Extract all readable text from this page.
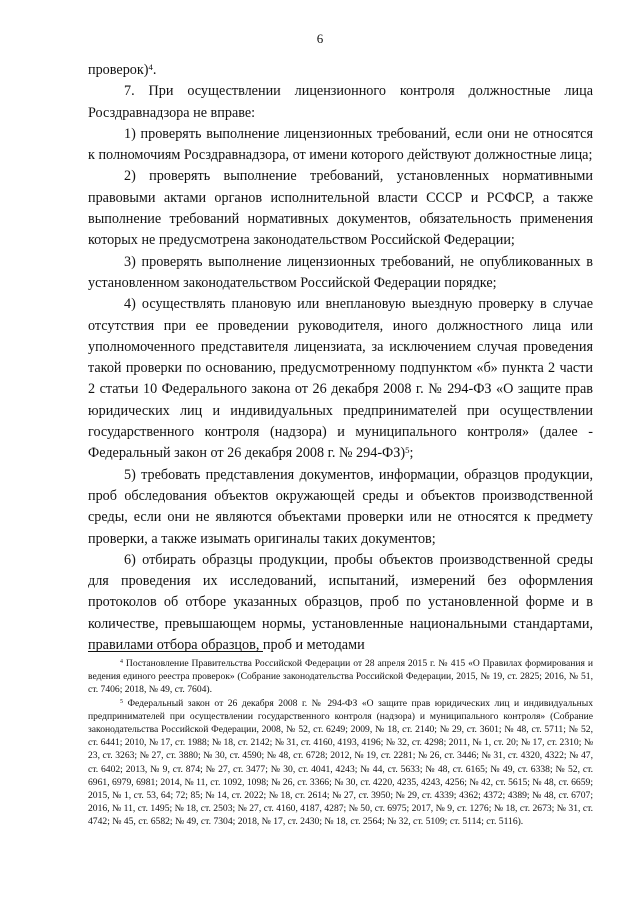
6

проверок)$^4$.

7. При осуществлении лицензионного контроля должностные лица Росздравнадзора не вправе:

1) проверять выполнение лицензионных требований, если они не относятся к полномочиям Росздравнадзора, от имени которого действуют должностные лица;

2) проверять выполнение требований, установленных нормативными правовыми актами органов исполнительной власти СССР и РСФСР, а также выполнение требований нормативных документов, обязательность применения которых не предусмотрена законодательством Российской Федерации;

3) проверять выполнение лицензионных требований, не опубликованных в установленном законодательством Российской Федерации порядке;

4) осуществлять плановую или внеплановую выездную проверку в случае отсутствия при ее проведении руководителя, иного должностного лица или уполномоченного представителя лицензиата, за исключением случая проведения такой проверки по основанию, предусмотренному подпунктом «б» пункта 2 части 2 статьи 10 Федерального закона от 26 декабря 2008 г. № 294-ФЗ «О защите прав юридических лиц и индивидуальных предпринимателей при осуществлении государственного контроля (надзора) и муниципального контроля» (далее - Федеральный закон от 26 декабря 2008 г. № 294-ФЗ)$^5$;

5) требовать представления документов, информации, образцов продукции, проб обследования объектов окружающей среды и объектов производственной среды, если они не являются объектами проверки или не относятся к предмету проверки, а также изымать оригиналы таких документов;

6) отбирать образцы продукции, пробы объектов производственной среды для проведения их исследований, испытаний, измерений без оформления протоколов об отборе указанных образцов, проб по установленной форме и в количестве, превышающем нормы, установленные национальными стандартами, правилами отбора образцов, проб и методами

$^4$ Постановление Правительства Российской Федерации от 28 апреля 2015 г. № 415 «О Правилах формирования и ведения единого реестра проверок» (Собрание законодательства Российской Федерации, 2015, № 19, ст. 2825; 2016, № 51, ст. 7406; 2018, № 49, ст. 7604).

$^5$ Федеральный закон от 26 декабря 2008 г. № 294-ФЗ «О защите прав юридических лиц и индивидуальных предпринимателей при осуществлении государственного контроля (надзора) и муниципального контроля» (Собрание законодательства Российской Федерации, 2008, № 52, ст. 6249; 2009, № 18, ст. 2140; № 29, ст. 3601; № 48, ст. 5711; № 52, ст. 6441; 2010, № 17, ст. 1988; № 18, ст. 2142; № 31, ст. 4160, 4193, 4196; № 32, ст. 4298; 2011, № 1, ст. 20; № 17, ст. 2310; № 23, ст. 3263; № 27, ст. 3880; № 30, ст. 4590; № 48, ст. 6728; 2012, № 19, ст. 2281; № 26, ст. 3446; № 31, ст. 4320, 4322; № 47, ст. 6402; 2013, № 9, ст. 874; № 27, ст. 3477; № 30, ст. 4041, 4243; № 44, ст. 5633; № 48, ст. 6165; № 49, ст. 6338; № 52, ст. 6961, 6979, 6981; 2014, № 11, ст. 1092, 1098; № 26, ст. 3366; № 30, ст. 4220, 4235, 4243, 4256; № 42, ст. 5615; № 48, ст. 6659; 2015, № 1, ст. 53, 64; 72; 85; № 14, ст. 2022; № 18, ст. 2614; № 27, ст. 3950; № 29, ст. 4339; 4362; 4372; 4389; № 48, ст. 6707; 2016, № 11, ст. 1495; № 18, ст. 2503; № 27, ст. 4160, 4187, 4287; № 50, ст. 6975; 2017, № 9, ст. 1276; № 18, ст. 2673; № 31, ст. 4742; № 45, ст. 6582; № 49, ст. 7304; 2018, № 17, ст. 2430; № 18, ст. 2564; № 32, ст. 5109; ст. 5114; ст. 5116).
